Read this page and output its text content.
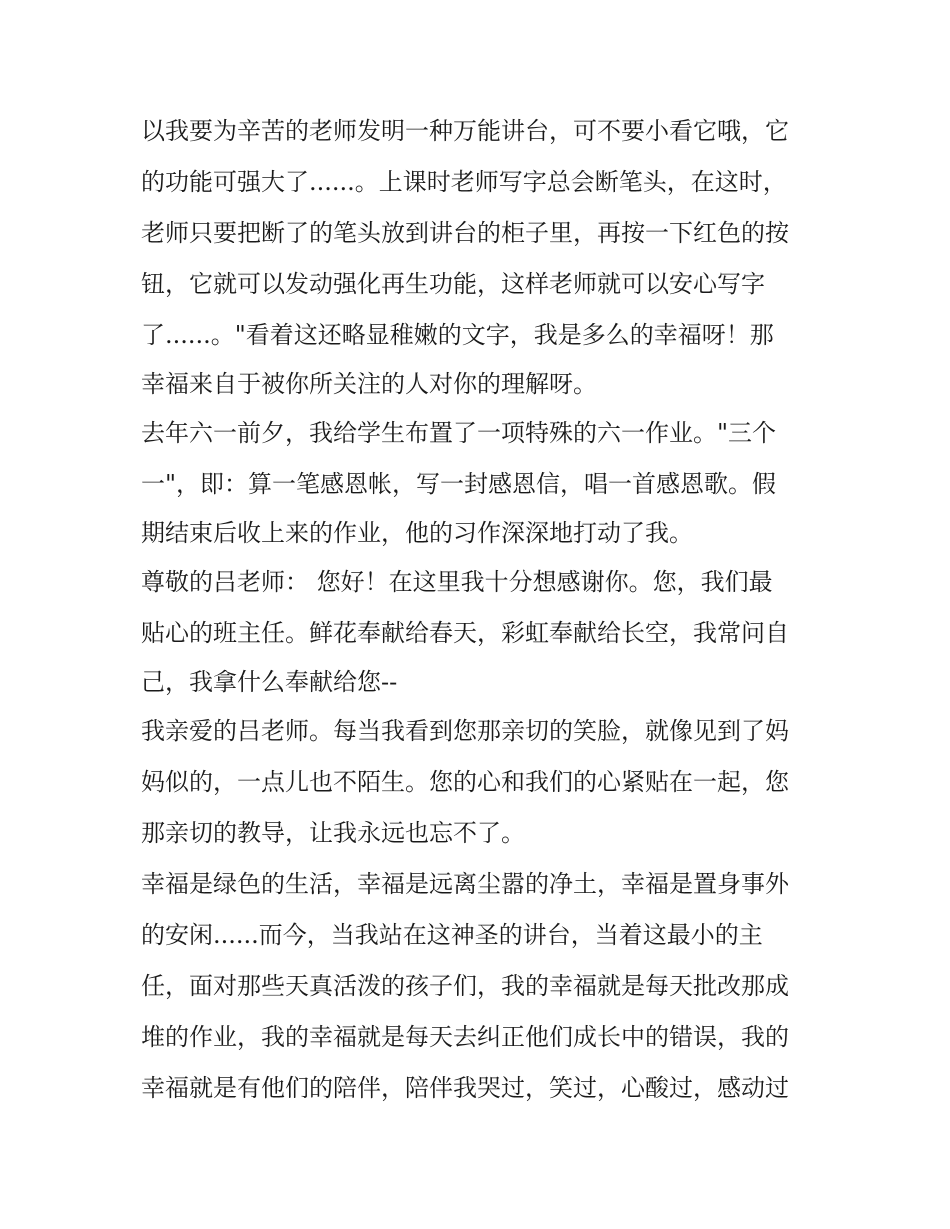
以我要为辛苦的老师发明一种万能讲台，可不要小看它哦，它
的功能可强大了......。上课时老师写字总会断笔头，在这时，
老师只要把断了的笔头放到讲台的柜子里，再按一下红色的按
钮，它就可以发动强化再生功能，这样老师就可以安心写字
了......。"看着这还略显稚嫩的文字，我是多么的幸福呀！那
幸福来自于被你所关注的人对你的理解呀。
去年六一前夕，我给学生布置了一项特殊的六一作业。"三个
一"，即：算一笔感恩帐，写一封感恩信，唱一首感恩歌。假
期结束后收上来的作业，他的习作深深地打动了我。
尊敬的吕老师： 您好！在这里我十分想感谢你。您，我们最
贴心的班主任。鲜花奉献给春天，彩虹奉献给长空，我常问自
己，我拿什么奉献给您--
我亲爱的吕老师。每当我看到您那亲切的笑脸，就像见到了妈
妈似的，一点儿也不陌生。您的心和我们的心紧贴在一起，您
那亲切的教导，让我永远也忘不了。
幸福是绿色的生活，幸福是远离尘嚣的净土，幸福是置身事外
的安闲......而今，当我站在这神圣的讲台，当着这最小的主
任，面对那些天真活泼的孩子们，我的幸福就是每天批改那成
堆的作业，我的幸福就是每天去纠正他们成长中的错误，我的
幸福就是有他们的陪伴，陪伴我哭过，笑过，心酸过，感动过
